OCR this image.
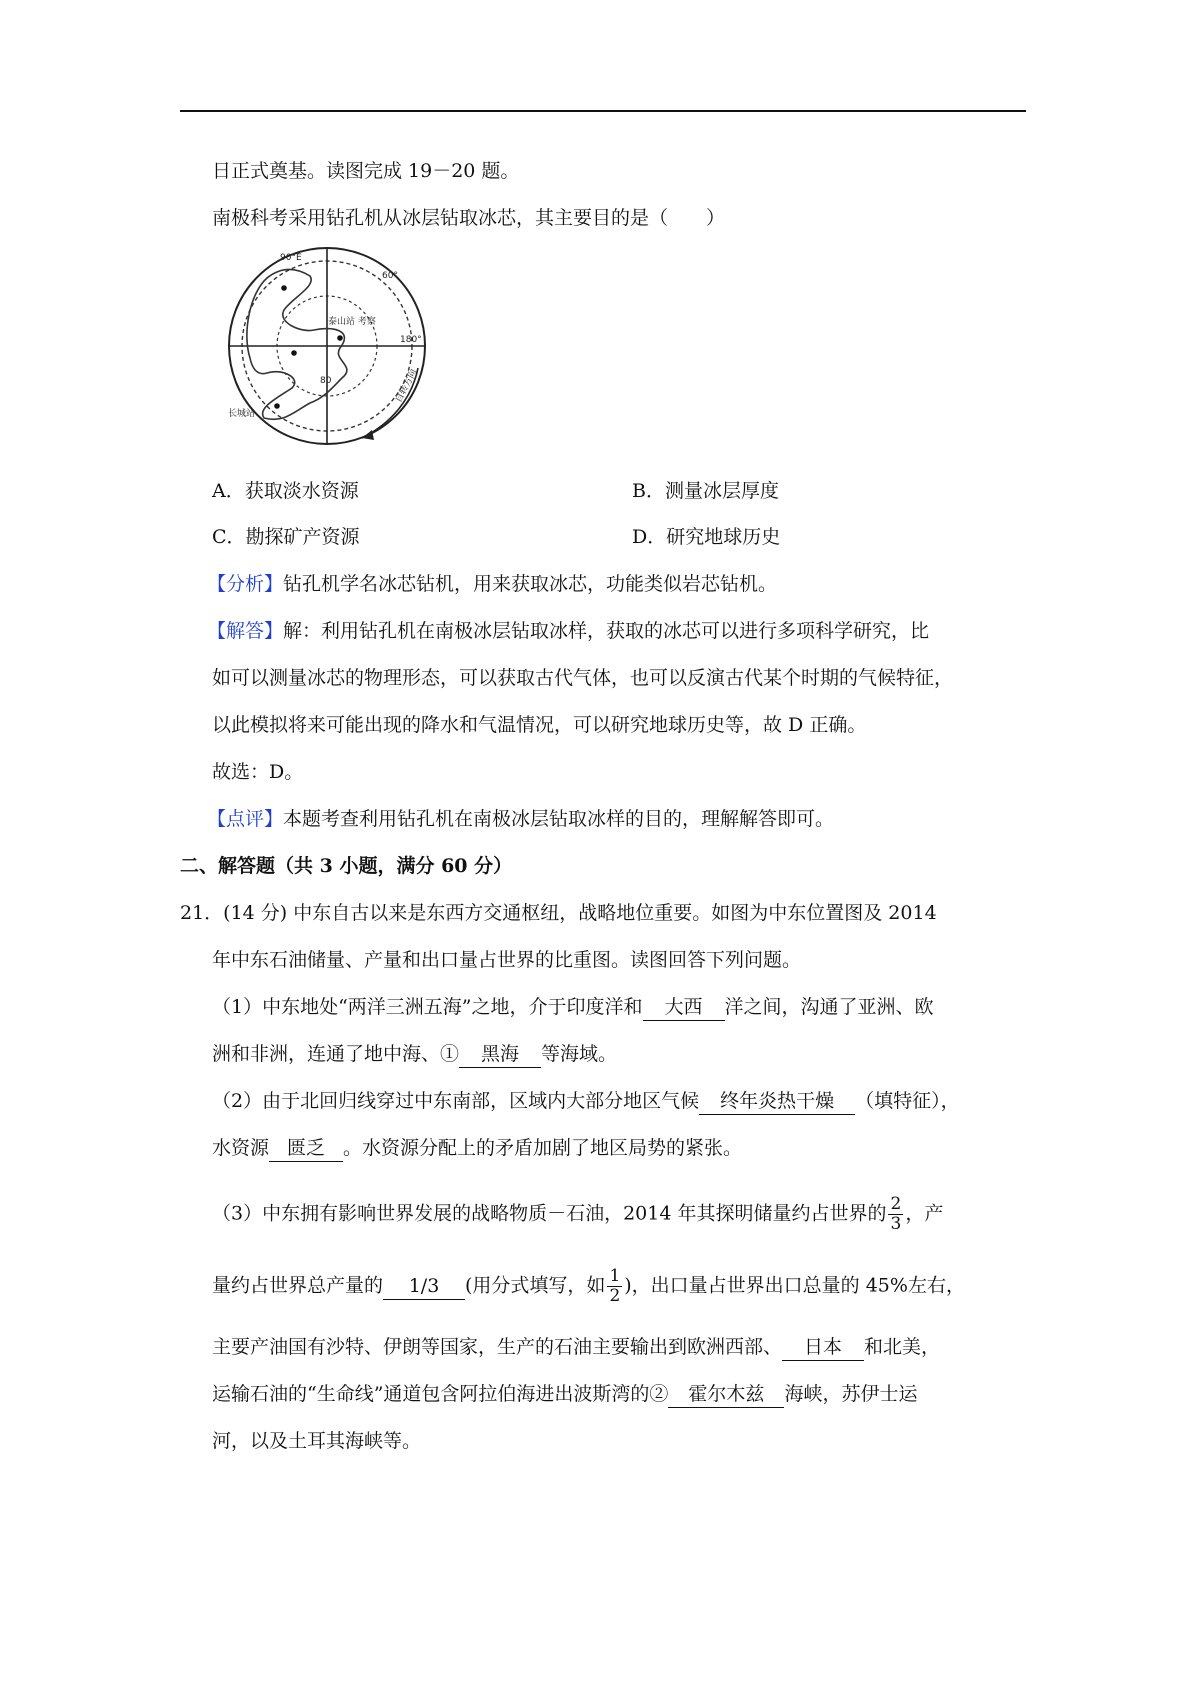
日正式奠基。读图完成 19－20 题。
南极科考采用钻孔机从冰层钻取冰芯，其主要目的是（　　）
90°E
60°
180°
80
泰山站 考察
长城站
自转方向
A．获取淡水资源	B．测量冰层厚度
C．勘探矿产资源	D．研究地球历史
【分析】钻孔机学名冰芯钻机，用来获取冰芯，功能类似岩芯钻机。
【解答】解：利用钻孔机在南极冰层钻取冰样，获取的冰芯可以进行多项科学研究，比
如可以测量冰芯的物理形态，可以获取古代气体，也可以反演古代某个时期的气候特征，
以此模拟将来可能出现的降水和气温情况，可以研究地球历史等，故 D 正确。
故选：D。
【点评】本题考查利用钻孔机在南极冰层钻取冰样的目的，理解解答即可。
二、解答题（共 3 小题，满分 60 分）
21．(14 分) 中东自古以来是东西方交通枢纽，战略地位重要。如图为中东位置图及 2014
年中东石油储量、产量和出口量占世界的比重图。读图回答下列问题。
（1）中东地处“两洋三洲五海”之地，介于印度洋和 大西 洋之间，沟通了亚洲、欧
洲和非洲，连通了地中海、① 黑海 等海域。
（2）由于北回归线穿过中东南部，区域内大部分地区气候 终年炎热干燥 （填特征），
水资源 匮乏 。水资源分配上的矛盾加剧了地区局势的紧张。
（3）中东拥有影响世界发展的战略物质－石油，2014 年其探明储量约占世界的 $\frac{2}{3}$ ，产
量约占世界总产量的 1/3 (用分式填写，如 $\frac{1}{2}$ )，出口量占世界出口总量的 45%左右，
主要产油国有沙特、伊朗等国家，生产的石油主要输出到欧洲西部、 日本 和北美，
运输石油的“生命线”通道包含阿拉伯海进出波斯湾的② 霍尔木兹 海峡，苏伊士运
河，以及土耳其海峡等。
